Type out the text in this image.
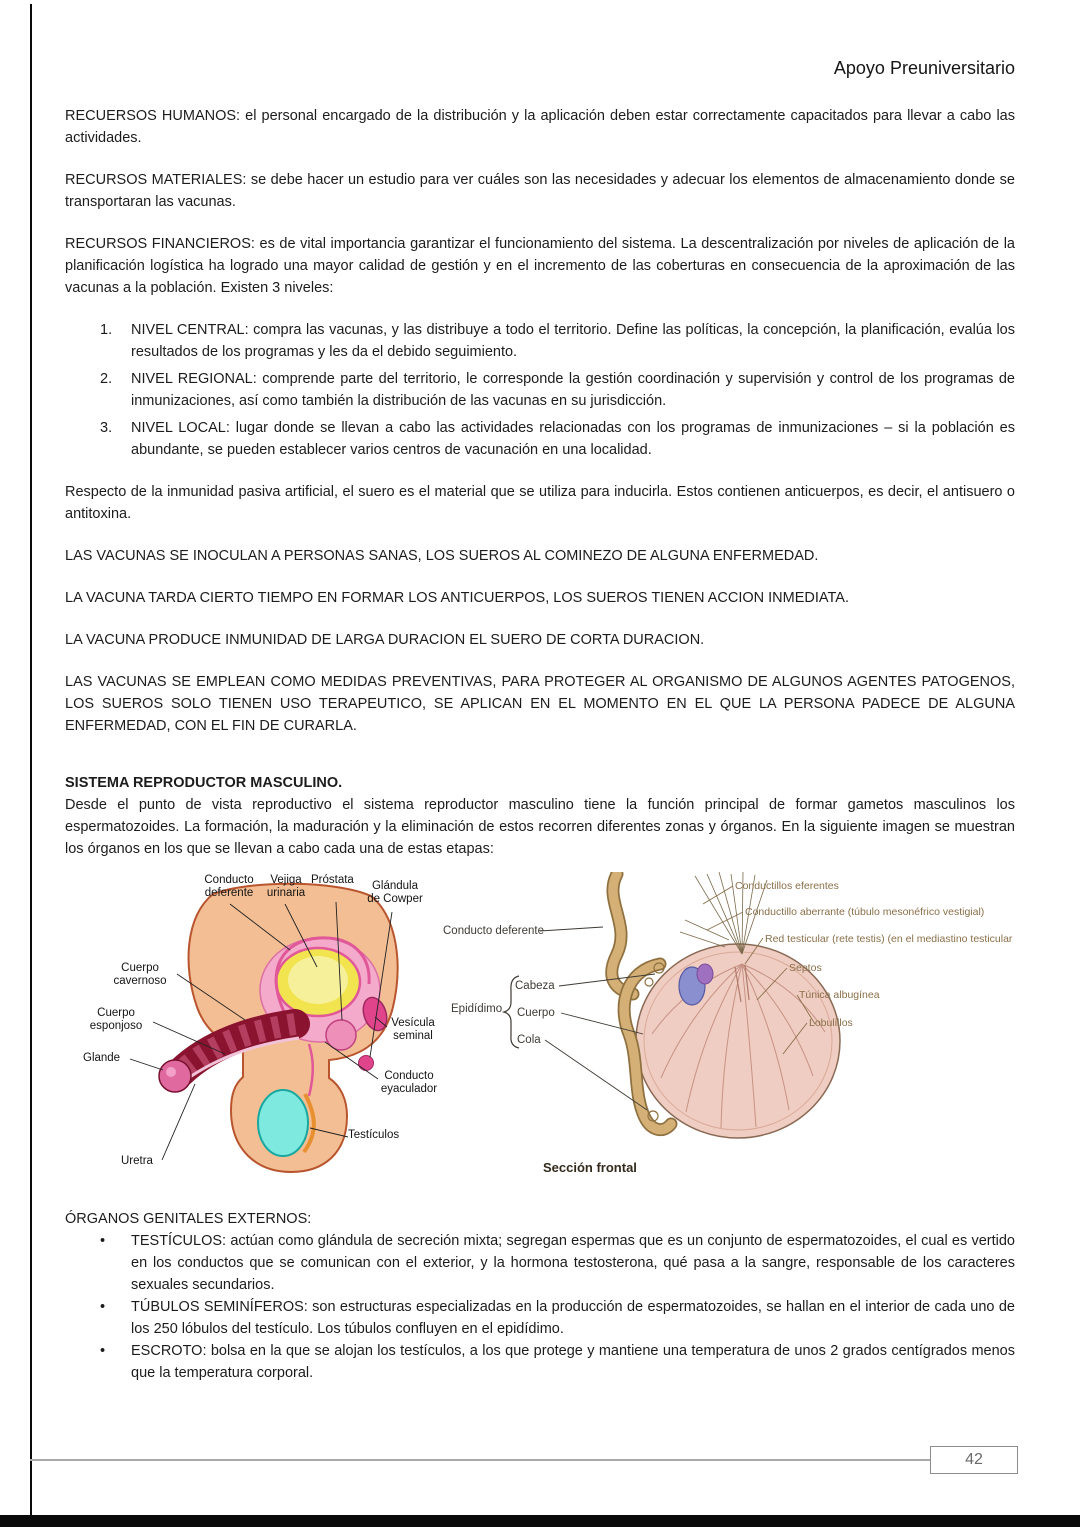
Apoyo Preuniversitario

RECUERSOS HUMANOS: el personal encargado de la distribución y la aplicación deben estar correctamente capacitados para llevar a cabo las actividades.

RECURSOS MATERIALES: se debe hacer un estudio para ver cuáles son las necesidades y adecuar los elementos de almacenamiento donde se transportaran las vacunas.

RECURSOS FINANCIEROS: es de vital importancia garantizar el funcionamiento del sistema. La descentralización por niveles de aplicación de la planificación logística ha logrado una mayor calidad de gestión y en el incremento de las coberturas en consecuencia de la aproximación de las vacunas a la población. Existen 3 niveles:

1.	NIVEL CENTRAL: compra las vacunas, y las distribuye a todo el territorio. Define las políticas, la concepción, la planificación, evalúa los resultados de los programas y les da el debido seguimiento.
2.	NIVEL REGIONAL: comprende parte del territorio, le corresponde la gestión coordinación y supervisión y control de los programas de inmunizaciones, así como también la distribución de las vacunas en su jurisdicción.
3.	NIVEL LOCAL: lugar donde se llevan a cabo las actividades relacionadas con los programas de inmunizaciones – si la población es abundante, se pueden establecer varios centros de vacunación en una localidad.

Respecto de la inmunidad pasiva artificial, el suero es el material que se utiliza para inducirla. Estos contienen anticuerpos, es decir, el antisuero o antitoxina.

LAS VACUNAS SE INOCULAN A PERSONAS SANAS, LOS SUEROS AL COMINEZO DE ALGUNA ENFERMEDAD.

LA VACUNA TARDA CIERTO TIEMPO EN FORMAR LOS ANTICUERPOS, LOS SUEROS TIENEN ACCION INMEDIATA.

LA VACUNA PRODUCE INMUNIDAD DE LARGA DURACION EL SUERO DE CORTA DURACION.

LAS VACUNAS SE EMPLEAN COMO MEDIDAS PREVENTIVAS, PARA PROTEGER AL ORGANISMO DE ALGUNOS AGENTES PATOGENOS, LOS SUEROS SOLO TIENEN USO TERAPEUTICO, SE APLICAN EN EL MOMENTO EN EL QUE LA PERSONA PADECE DE ALGUNA ENFERMEDAD, CON EL FIN DE CURARLA.

SISTEMA REPRODUCTOR MASCULINO.

Desde el punto de vista reproductivo el sistema reproductor masculino tiene la función principal de formar gametos masculinos los espermatozoides. La formación, la maduración y la eliminación de estos recorren diferentes zonas y órganos. En la siguiente imagen se muestran los órganos en los que se llevan a cabo cada una de estas etapas:

Conducto deferente
Vejiga urinaria
Próstata	Glándula de Cowper
Cuerpo cavernoso
Cuerpo esponjoso
Glande
Vesícula seminal
Conducto eyaculador
Testículos
Uretra
Conducto deferente
Epidídimo
Cabeza
Cuerpo
Cola
Conductillos eferentes
Conductillo aberrante (túbulo mesonéfrico vestigial)
Red testicular (rete testis) (en el mediastino testicular
Septos
Túnica albugínea
Lobulillos
Sección frontal
ÓRGANOS GENITALES EXTERNOS:
•	TESTÍCULOS: actúan como glándula de secreción mixta; segregan espermas que es un conjunto de espermatozoides, el cual es vertido en los conductos que se comunican con el exterior, y la hormona testosterona, qué pasa a la sangre, responsable de los caracteres sexuales secundarios.
•	TÚBULOS SEMINÍFEROS: son estructuras especializadas en la producción de espermatozoides, se hallan en el interior de cada uno de los 250 lóbulos del testículo. Los túbulos confluyen en el epidídimo.
•	ESCROTO: bolsa en la que se alojan los testículos, a los que protege y mantiene una temperatura de unos 2 grados centígrados menos que la temperatura corporal.
42
